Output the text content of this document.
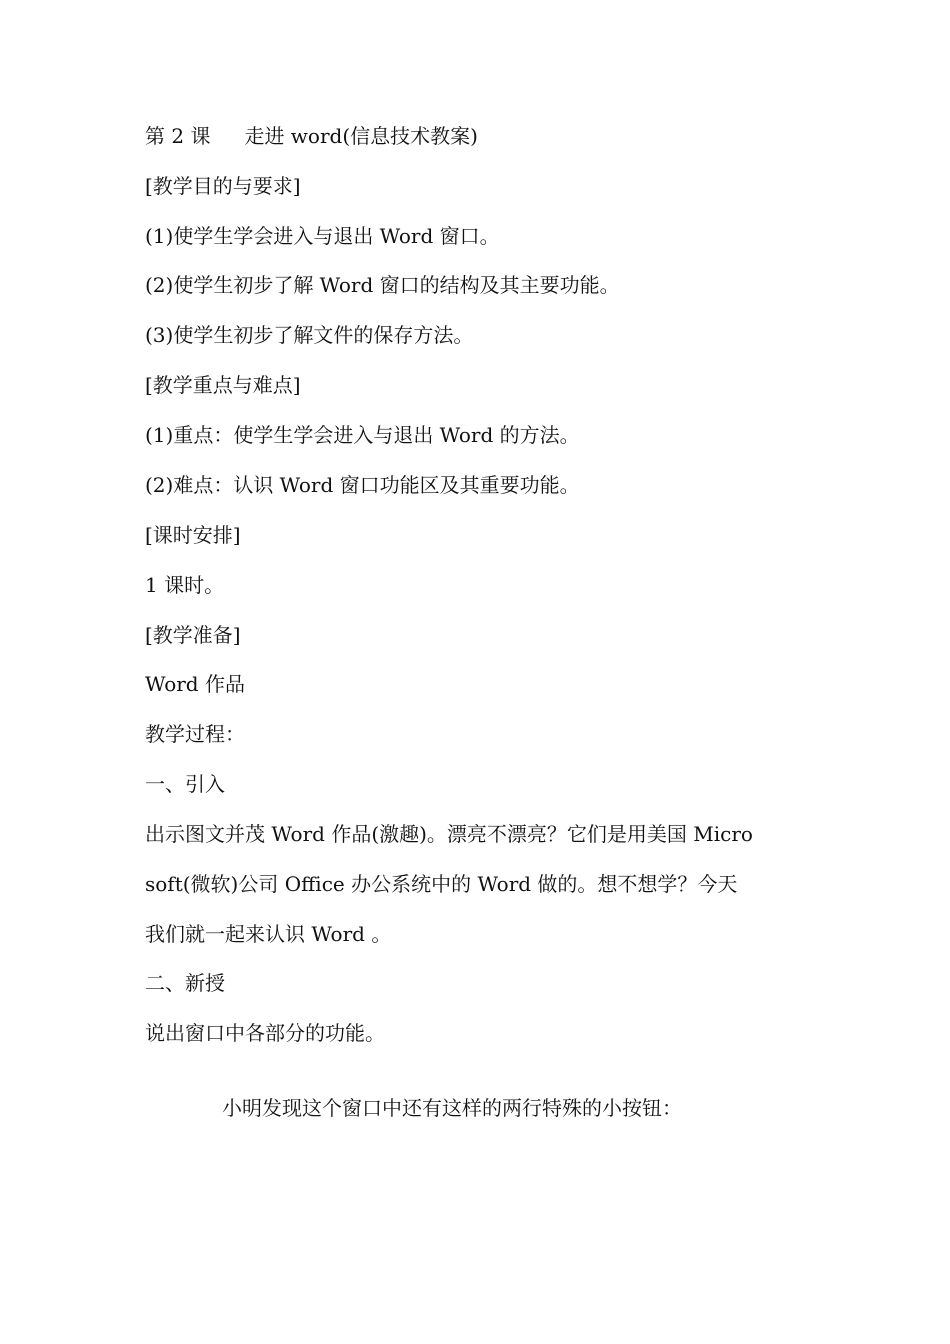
第 2 课 走进 word(信息技术教案)
[教学目的与要求]
(1)使学生学会进入与退出 Word 窗口。
(2)使学生初步了解 Word 窗口的结构及其主要功能。
(3)使学生初步了解文件的保存方法。
[教学重点与难点]
(1)重点：使学生学会进入与退出 Word 的方法。
(2)难点：认识 Word 窗口功能区及其重要功能。
[课时安排]
1 课时。
[教学准备]
Word 作品
教学过程：
一、引入
出示图文并茂 Word 作品(激趣)。漂亮不漂亮？它们是用美国 Micro
soft(微软)公司 Office 办公系统中的 Word 做的。想不想学？今天
我们就一起来认识 Word 。
二、新授
说出窗口中各部分的功能。
小明发现这个窗口中还有这样的两行特殊的小按钮：
